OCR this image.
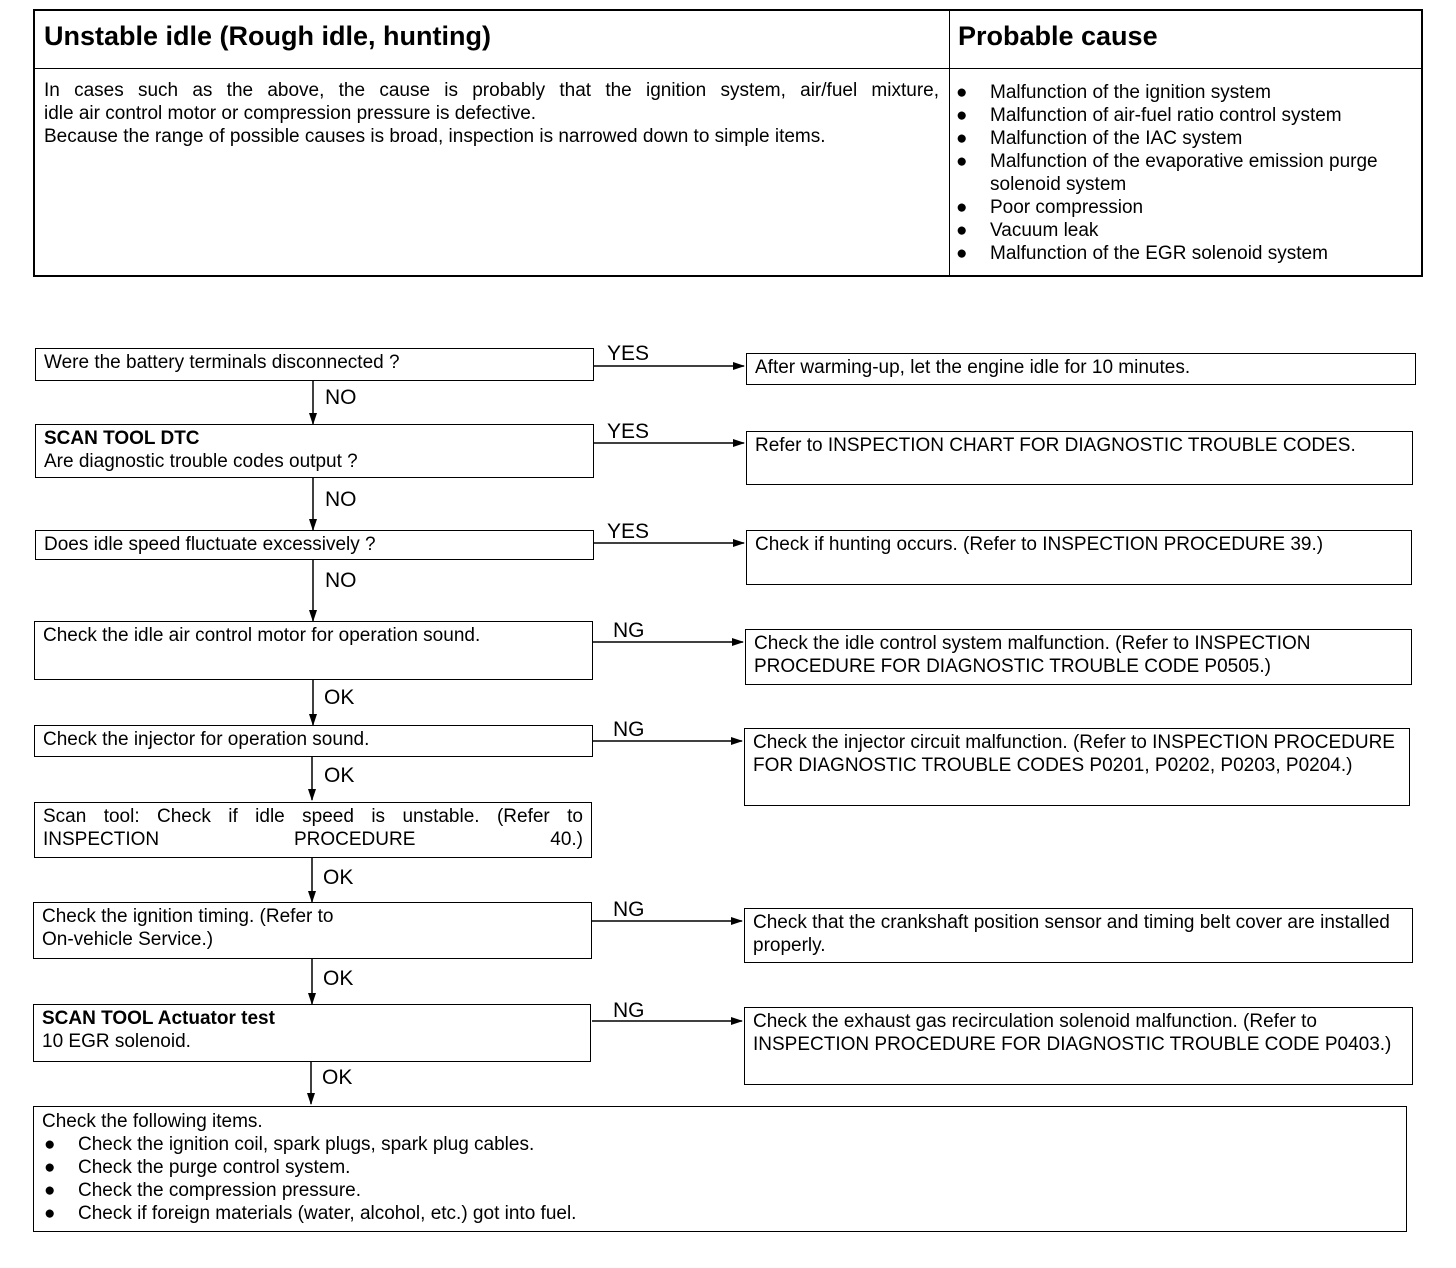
Unstable idle (Rough idle, hunting)	Probable cause
In cases such as the above, the cause is probably that the ignition system, air/fuel mixture,
idle air control motor or compression pressure is defective.
Because the range of possible causes is broad, inspection is narrowed down to simple items.
● Malfunction of the ignition system
● Malfunction of air-fuel ratio control system
● Malfunction of the IAC system
● Malfunction of the evaporative emission purge solenoid system
● Poor compression
● Vacuum leak
● Malfunction of the EGR solenoid system
Were the battery terminals disconnected ?	YES
After warming-up, let the engine idle for 10 minutes.
NO
SCAN TOOL DTC
Are diagnostic trouble codes output ?
YES
Refer to INSPECTION CHART FOR DIAGNOSTIC TROUBLE CODES.
NO
Does idle speed fluctuate excessively ?
YES
Check if hunting occurs. (Refer to INSPECTION PROCEDURE 39.)
NO
Check the idle air control motor for operation sound.	NG
Check the idle control system malfunction. (Refer to INSPECTION PROCEDURE FOR DIAGNOSTIC TROUBLE CODE P0505.)
OK
Check the injector for operation sound.	NG
Check the injector circuit malfunction. (Refer to INSPECTION PROCEDURE FOR DIAGNOSTIC TROUBLE CODES P0201, P0202, P0203, P0204.)
OK
Scan tool: Check if idle speed is unstable. (Refer to INSPECTION PROCEDURE 40.)
OK
Check the ignition timing. (Refer to On-vehicle Service.)
NG
Check that the crankshaft position sensor and timing belt cover are installed properly.
OK
SCAN TOOL Actuator test
10 EGR solenoid.
NG	Check the exhaust gas recirculation solenoid malfunction. (Refer to INSPECTION PROCEDURE FOR DIAGNOSTIC TROUBLE CODE P0403.)
OK
Check the following items.
● Check the ignition coil, spark plugs, spark plug cables.
● Check the purge control system.
● Check the compression pressure.
● Check if foreign materials (water, alcohol, etc.) got into fuel.
